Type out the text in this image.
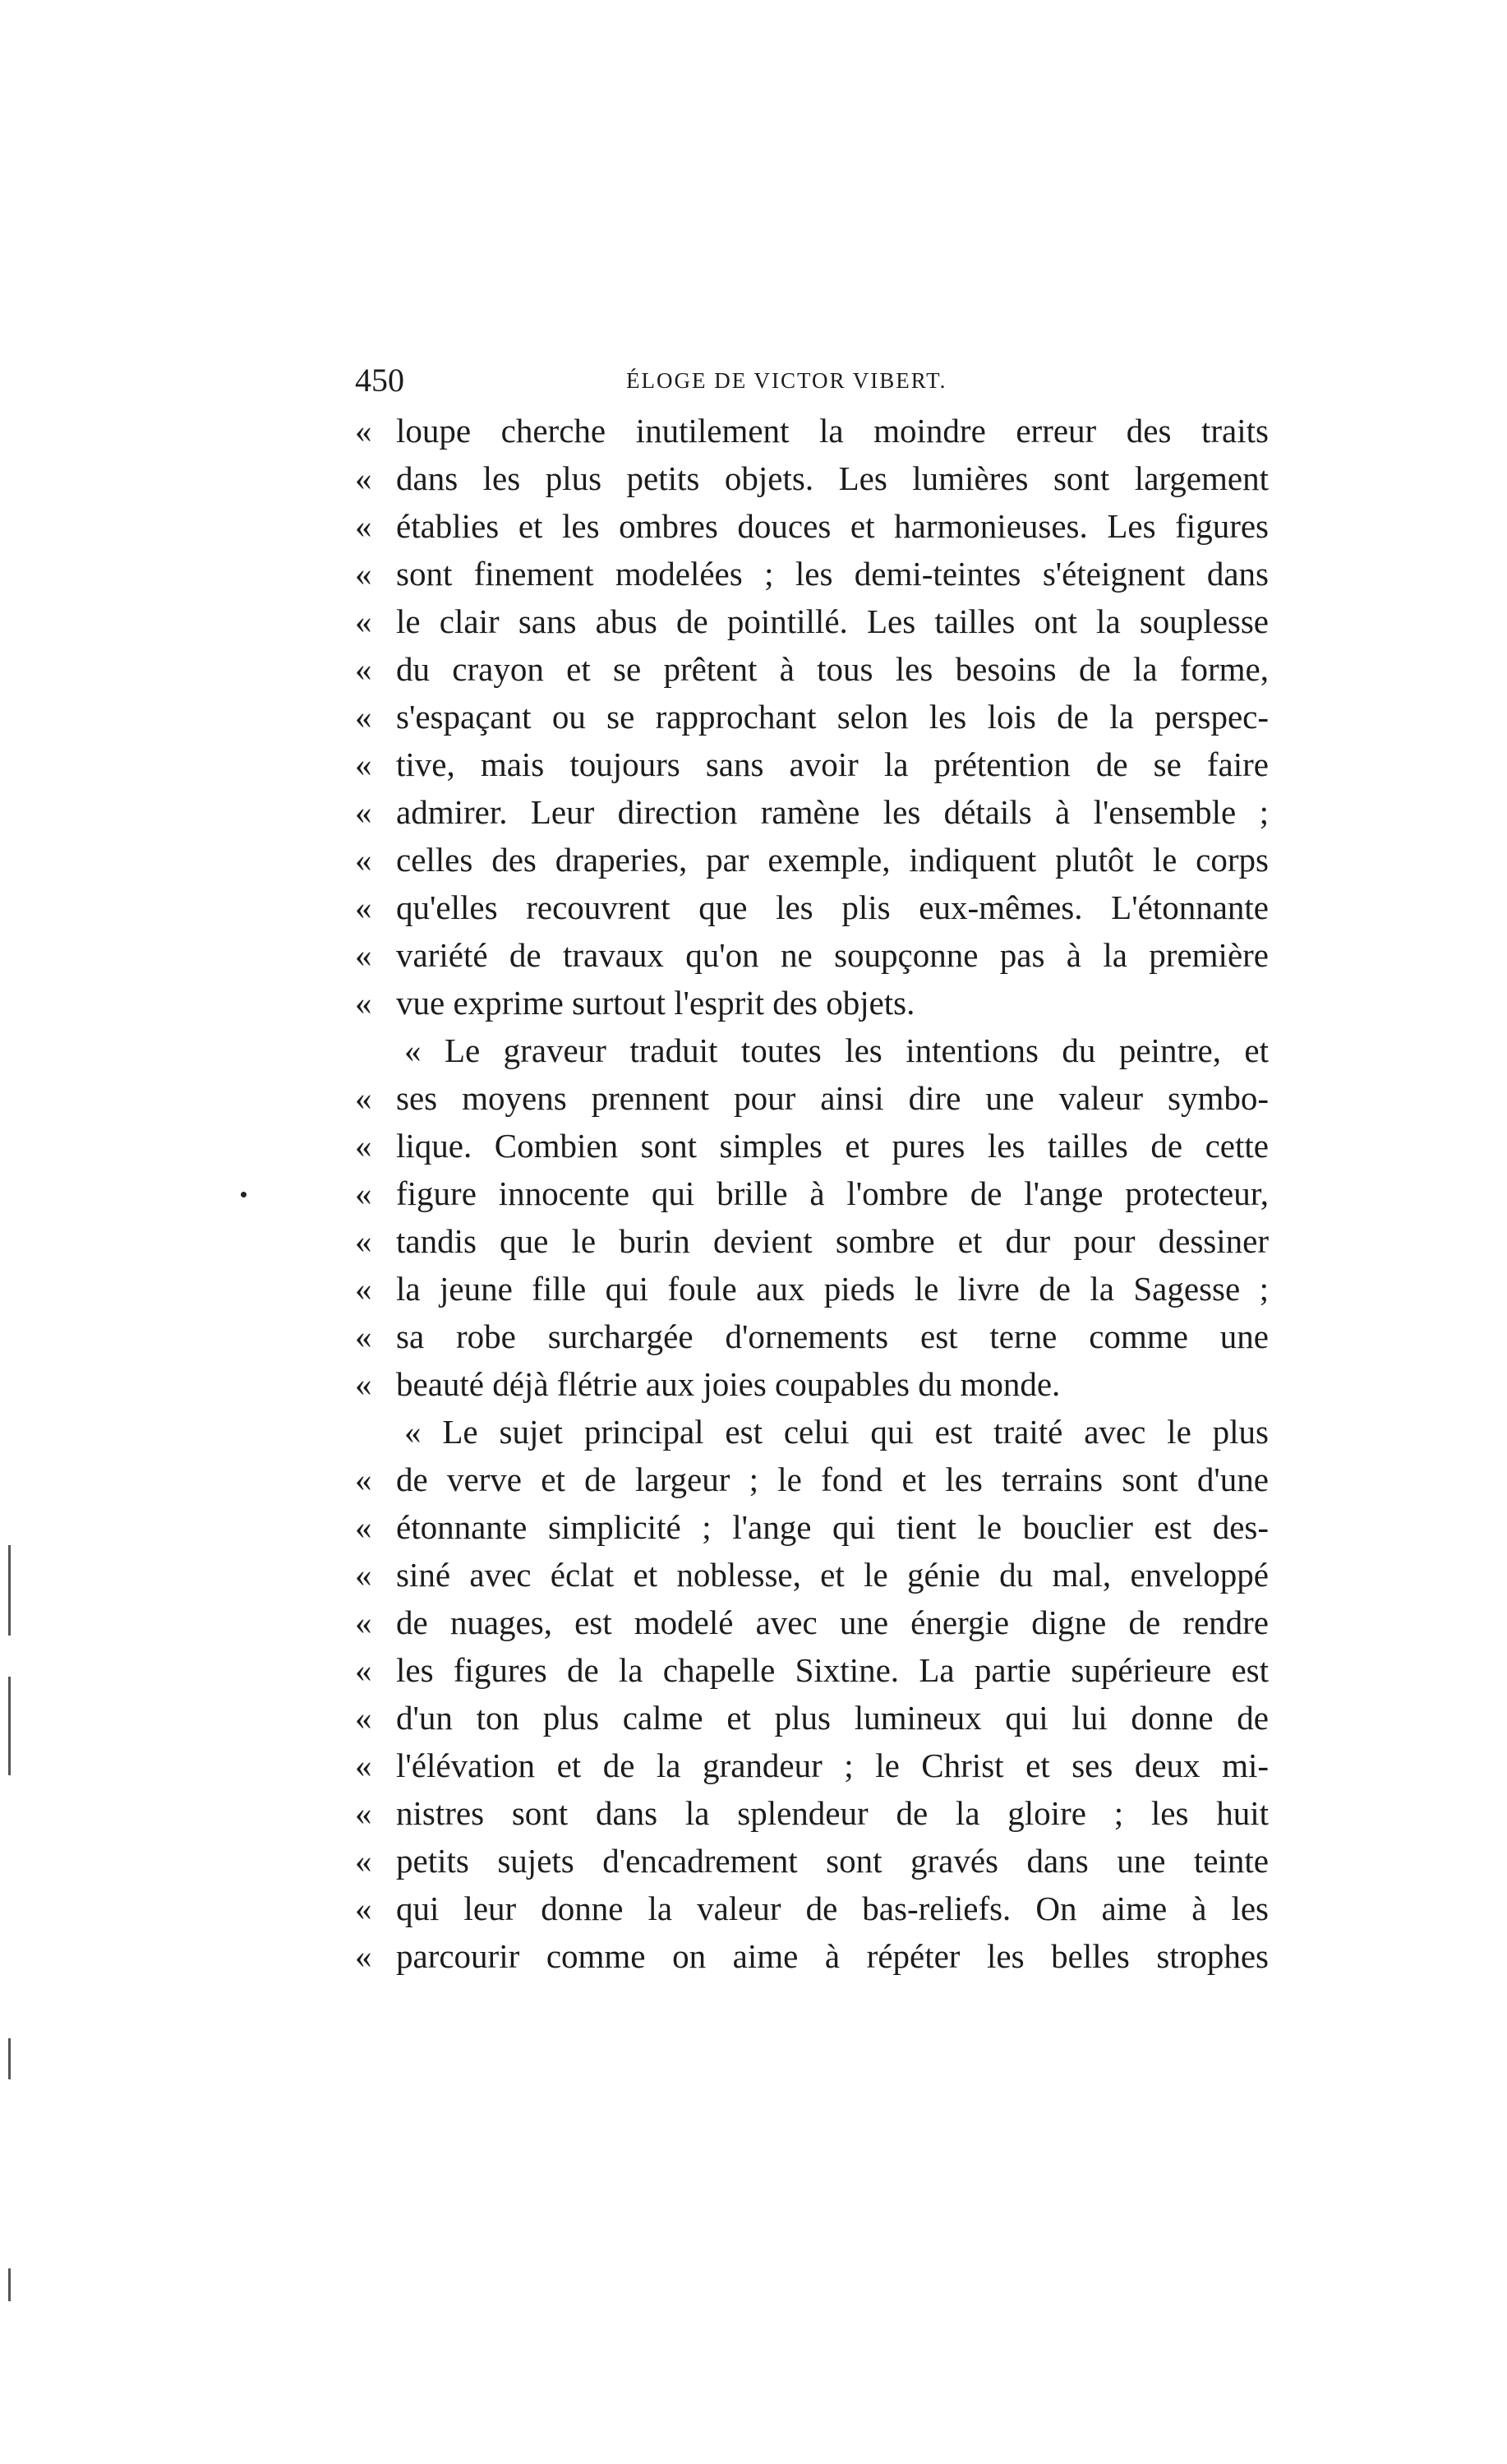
450	ÉLOGE DE VICTOR VIBERT.
« loupe cherche inutilement la moindre erreur des traits
« dans les plus petits objets. Les lumières sont largement
« établies et les ombres douces et harmonieuses. Les figures
« sont finement modelées ; les demi-teintes s'éteignent dans
« le clair sans abus de pointillé. Les tailles ont la souplesse
« du crayon et se prêtent à tous les besoins de la forme,
« s'espaçant ou se rapprochant selon les lois de la perspec-
« tive, mais toujours sans avoir la prétention de se faire
« admirer. Leur direction ramène les détails à l'ensemble ;
« celles des draperies, par exemple, indiquent plutôt le corps
« qu'elles recouvrent que les plis eux-mêmes. L'étonnante
« variété de travaux qu'on ne soupçonne pas à la première
« vue exprime surtout l'esprit des objets.
« Le graveur traduit toutes les intentions du peintre, et
« ses moyens prennent pour ainsi dire une valeur symbo-
« lique. Combien sont simples et pures les tailles de cette
« figure innocente qui brille à l'ombre de l'ange protecteur,
« tandis que le burin devient sombre et dur pour dessiner
« la jeune fille qui foule aux pieds le livre de la Sagesse ;
« sa robe surchargée d'ornements est terne comme une
« beauté déjà flétrie aux joies coupables du monde.
« Le sujet principal est celui qui est traité avec le plus
« de verve et de largeur ; le fond et les terrains sont d'une
« étonnante simplicité ; l'ange qui tient le bouclier est des-
« siné avec éclat et noblesse, et le génie du mal, enveloppé
« de nuages, est modelé avec une énergie digne de rendre
« les figures de la chapelle Sixtine. La partie supérieure est
« d'un ton plus calme et plus lumineux qui lui donne de
« l'élévation et de la grandeur ; le Christ et ses deux mi-
« nistres sont dans la splendeur de la gloire ; les huit
« petits sujets d'encadrement sont gravés dans une teinte
« qui leur donne la valeur de bas-reliefs. On aime à les
« parcourir comme on aime à répéter les belles strophes
